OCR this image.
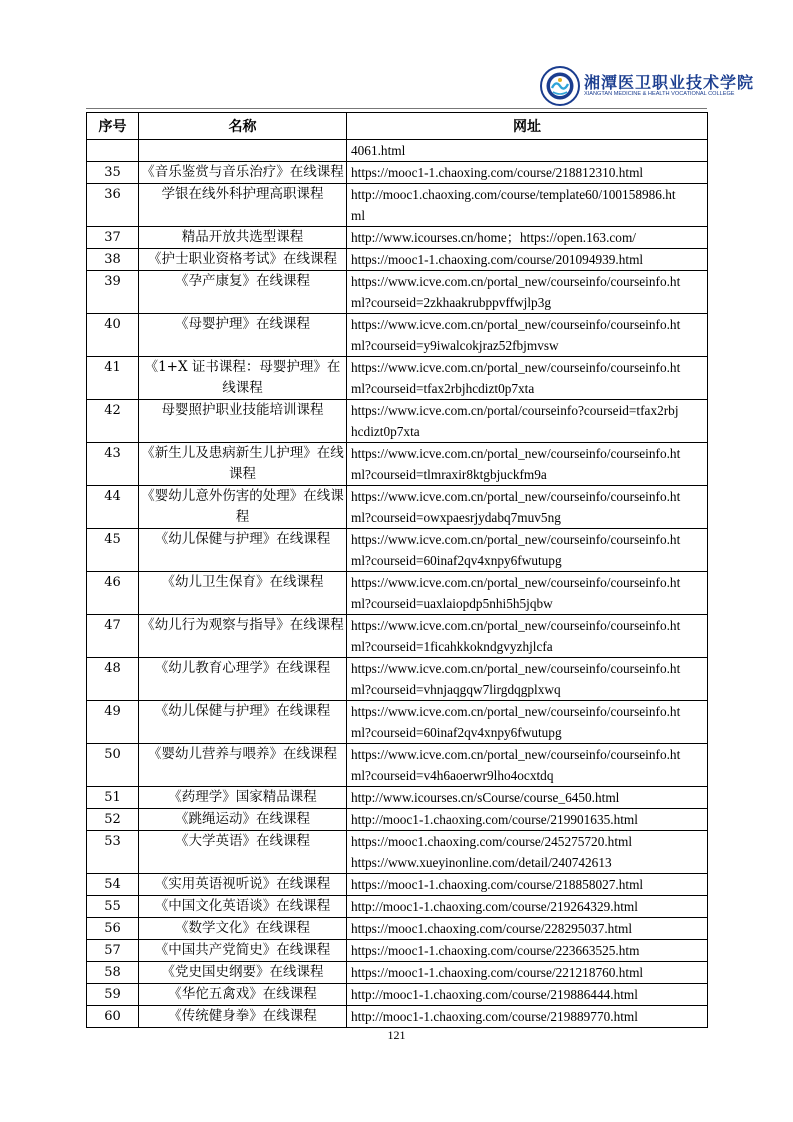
湘潭医卫职业技术学院
XIANGTAN MEDICINE & HEALTH VOCATIONAL COLLEGE
序号	名称	网址

		4061.html

35	《音乐鉴赏与音乐治疗》在线课程	https://mooc1-1.chaoxing.com/course/218812310.html

36	学银在线外科护理高职课程	http://mooc1.chaoxing.com/course/template60/100158986.ht
ml

37	精品开放共选型课程	http://www.icourses.cn/home；https://open.163.com/

38	《护士职业资格考试》在线课程	https://mooc1-1.chaoxing.com/course/201094939.html

39	《孕产康复》在线课程	https://www.icve.com.cn/portal_new/courseinfo/courseinfo.ht
ml?courseid=2zkhaakrubppvffwjlp3g

40	《母婴护理》在线课程	https://www.icve.com.cn/portal_new/courseinfo/courseinfo.ht
ml?courseid=y9iwalcokjraz52fbjmvsw

41	《1+X 证书课程：母婴护理》在线课程	https://www.icve.com.cn/portal_new/courseinfo/courseinfo.ht
ml?courseid=tfax2rbjhcdizt0p7xta

42	母婴照护职业技能培训课程	https://www.icve.com.cn/portal/courseinfo?courseid=tfax2rbj
hcdizt0p7xta

43	《新生儿及患病新生儿护理》在线课程	https://www.icve.com.cn/portal_new/courseinfo/courseinfo.ht
ml?courseid=tlmraxir8ktgbjuckfm9a

44	《婴幼儿意外伤害的处理》在线课程	https://www.icve.com.cn/portal_new/courseinfo/courseinfo.ht
ml?courseid=owxpaesrjydabq7muv5ng

45	《幼儿保健与护理》在线课程	https://www.icve.com.cn/portal_new/courseinfo/courseinfo.ht
ml?courseid=60inaf2qv4xnpy6fwutupg

46	《幼儿卫生保育》在线课程	https://www.icve.com.cn/portal_new/courseinfo/courseinfo.ht
ml?courseid=uaxlaiopdp5nhi5h5jqbw

47	《幼儿行为观察与指导》在线课程	https://www.icve.com.cn/portal_new/courseinfo/courseinfo.ht
ml?courseid=1ficahkkokndgvyzhjlcfa

48	《幼儿教育心理学》在线课程	https://www.icve.com.cn/portal_new/courseinfo/courseinfo.ht
ml?courseid=vhnjaqgqw7lirgdqgplxwq

49	《幼儿保健与护理》在线课程	https://www.icve.com.cn/portal_new/courseinfo/courseinfo.ht
ml?courseid=60inaf2qv4xnpy6fwutupg

50	《婴幼儿营养与喂养》在线课程	https://www.icve.com.cn/portal_new/courseinfo/courseinfo.ht
ml?courseid=v4h6aoerwr9lho4ocxtdq

51	《药理学》国家精品课程	http://www.icourses.cn/sCourse/course_6450.html

52	《跳绳运动》在线课程	http://mooc1-1.chaoxing.com/course/219901635.html

53	《大学英语》在线课程	https://mooc1.chaoxing.com/course/245275720.html
https://www.xueyinonline.com/detail/240742613

54	《实用英语视听说》在线课程	https://mooc1-1.chaoxing.com/course/218858027.html

55	《中国文化英语谈》在线课程	http://mooc1-1.chaoxing.com/course/219264329.html

56	《数学文化》在线课程	https://mooc1.chaoxing.com/course/228295037.html

57	《中国共产党简史》在线课程	https://mooc1-1.chaoxing.com/course/223663525.htm

58	《党史国史纲要》在线课程	https://mooc1-1.chaoxing.com/course/221218760.html

59	《华佗五禽戏》在线课程	http://mooc1-1.chaoxing.com/course/219886444.html

60	《传统健身拳》在线课程	http://mooc1-1.chaoxing.com/course/219889770.html
121
